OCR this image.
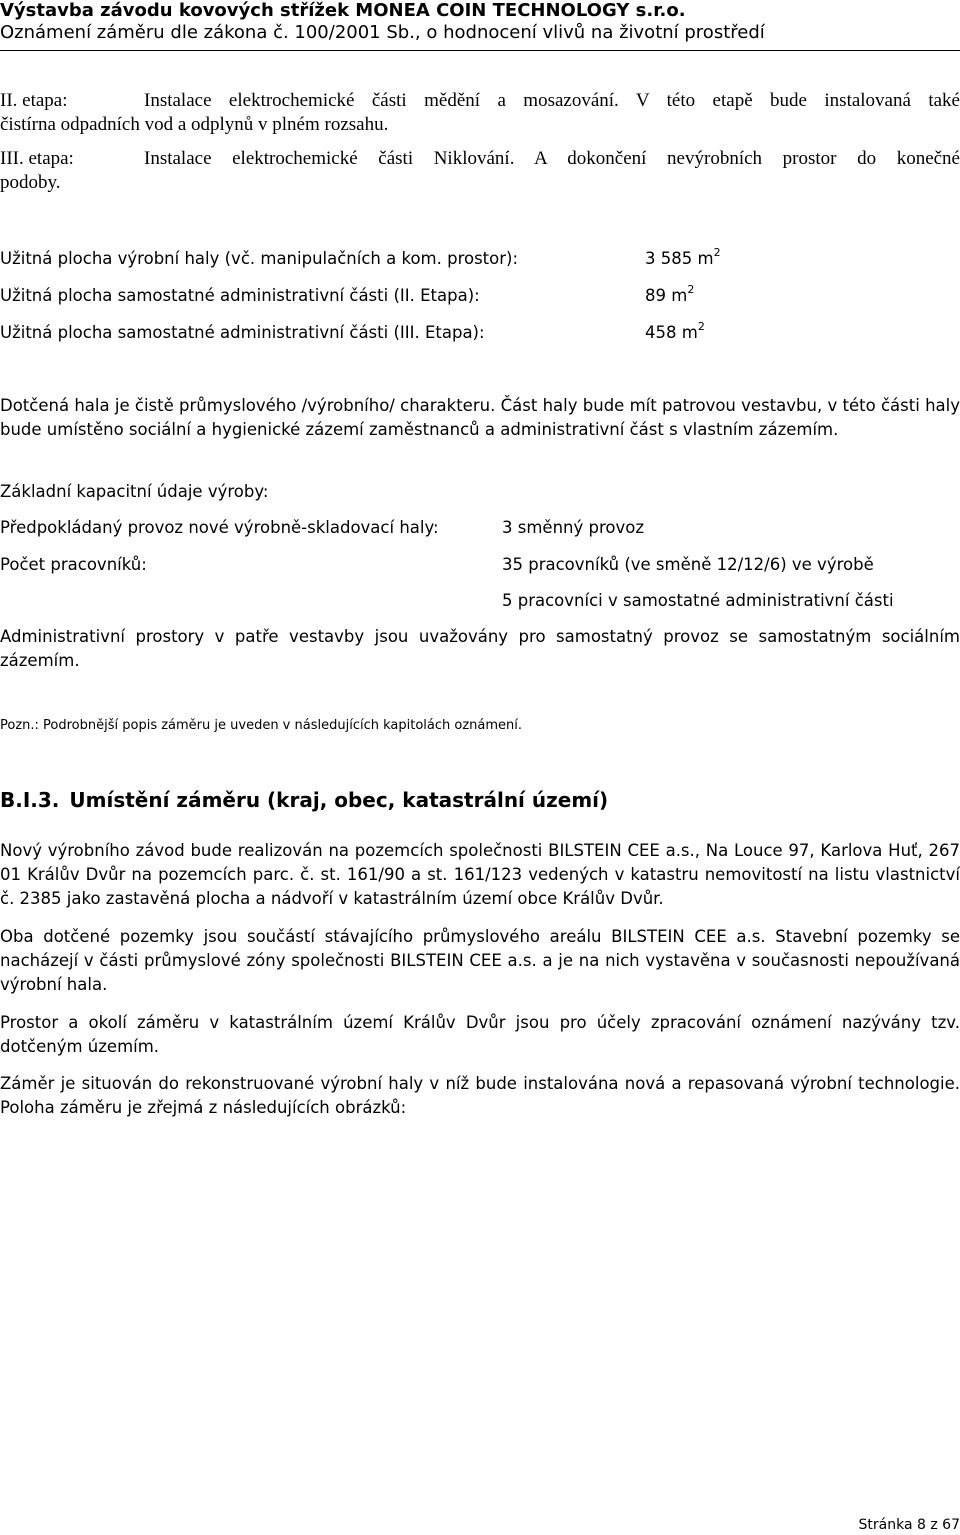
Výstavba závodu kovových střížek MONEA COIN TECHNOLOGY s.r.o.
Oznámení záměru dle zákona č. 100/2001 Sb., o hodnocení vlivů na životní prostředí
II. etapa:	Instalace elektrochemické části mědění a mosazování. V této etapě bude instalovaná také
čistírna odpadních vod a odplynů v plném rozsahu.
III. etapa:	Instalace elektrochemické části Niklování. A dokončení nevýrobních prostor do konečné
podoby.
Užitná plocha výrobní haly (vč. manipulačních a kom. prostor):	3 585 $m^2$
Užitná plocha samostatné administrativní části (II. Etapa):	89 $m^2$
Užitná plocha samostatné administrativní části (III. Etapa):	458 $m^2$
Dotčená hala je čistě průmyslového /výrobního/ charakteru. Část haly bude mít patrovou vestavbu, v této části haly bude umístěno sociální a hygienické zázemí zaměstnanců a administrativní část s vlastním zázemím.
Základní kapacitní údaje výroby:
Předpokládaný provoz nové výrobně-skladovací haly:	3 směnný provoz
Počet pracovníků:	35 pracovníků (ve směně 12/12/6) ve výrobě
5 pracovníci v samostatné administrativní části
Administrativní prostory v patře vestavby jsou uvažovány pro samostatný provoz se samostatným sociálním zázemím.
Pozn.: Podrobnější popis záměru je uveden v následujících kapitolách oznámení.
B.I.3. Umístění záměru (kraj, obec, katastrální území)
Nový výrobního závod bude realizován na pozemcích společnosti BILSTEIN CEE a.s., Na Louce 97, Karlova Huť, 267 01 Králův Dvůr na pozemcích parc. č. st. 161/90 a st. 161/123 vedených v katastru nemovitostí na listu vlastnictví č. 2385 jako zastavěná plocha a nádvoří v katastrálním území obce Králův Dvůr.
Oba dotčené pozemky jsou součástí stávajícího průmyslového areálu BILSTEIN CEE a.s. Stavební pozemky se nacházejí v části průmyslové zóny společnosti BILSTEIN CEE a.s. a je na nich vystavěna v současnosti nepoužívaná výrobní hala.
Prostor a okolí záměru v katastrálním území Králův Dvůr jsou pro účely zpracování oznámení nazývány tzv. dotčeným územím.
Záměr je situován do rekonstruované výrobní haly v níž bude instalována nová a repasovaná výrobní technologie. Poloha záměru je zřejmá z následujících obrázků:
Stránka 8 z 67
